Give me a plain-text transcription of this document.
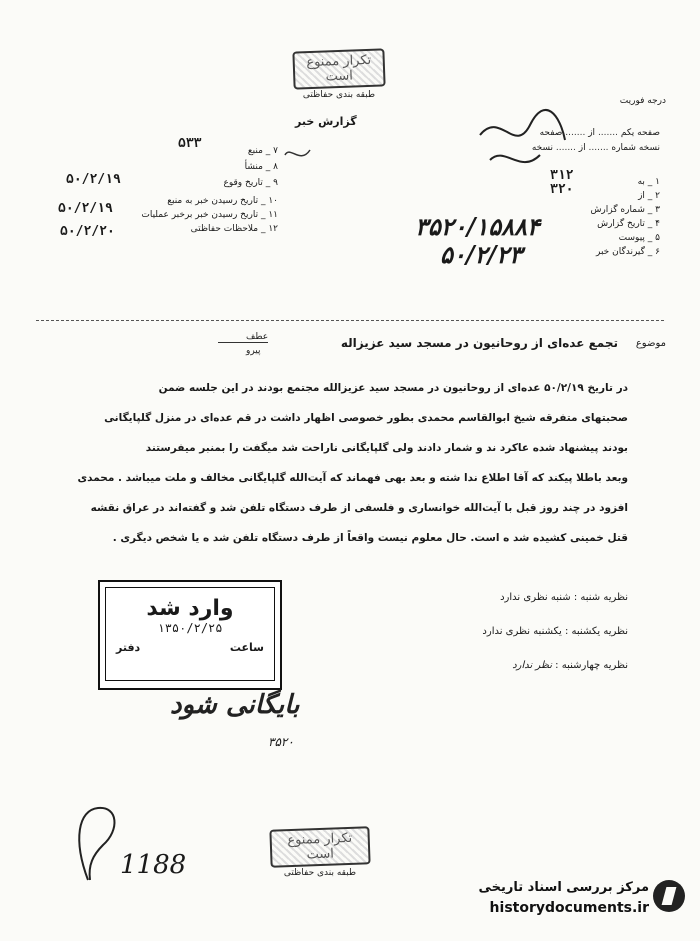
تکرار ممنوع است
طبقه بندی حفاظتی
درجه فوریت
گزارش خبر
۷ _ منبع
۵۳۳
۸ _ منشأ
۹ _ تاریخ وقوع
۵۰/۲/۱۹
۱۰ _ تاریخ رسیدن خبر به منبع
۱۱ _ تاریخ رسیدن خبر برخبر عملیات
۵۰/۲/۱۹
۱۲ _ ملاحظات حفاظتی
۵۰/۲/۲۰
صفحه یکم ....... از ....... صفحه
نسخه شماره ....... از ....... نسخه
۱ _ به
۳۱۲
۲ _ از
۳۲۰
۳ _ شماره گزارش
۴ _ تاریخ گزارش
۵ _ پیوست
۶ _ گیرندگان خبر
۳۵۲۰/۱۵۸۸۴
۵۰/۲/۲۳
عطف
پیرو
موضوع
تجمع عده‌ای از روحانیون در مسجد سید عزیزاله
در تاریخ ۵۰/۲/۱۹ عده‌ای از روحانیون در مسجد سید عزیزالله مجتمع بودند در این جلسه ضمن
صحبتهای متفرقه شیخ ابوالقاسم محمدی بطور خصوصی اظهار داشت در قم عده‌ای در منزل گلپایگانی
بودند پیشنهاد شده عاکرد ند و شمار دادند ولی گلپایگانی ناراحت شد میگفت را بمنبر میفرستند
وبعد باطلا پیکند که آقا اطلاع ندا شته و بعد بهی فهماند که آیت‌الله گلپایگانی مخالف و ملت میباشد . محمدی
افزود در چند روز قبل با آیت‌الله خوانساری و فلسفی از طرف دستگاه تلفن شد و گفته‌اند در عراق نقشه
قتل خمینی کشیده شد ه است. حال معلوم نیست واقعاً از طرف دستگاه تلفن شد ه یا شخص دیگری .
نظریه شنبه : شنبه نظری ندارد
نظریه یکشنبه : یکشنبه نظری ندارد
نظریه چهارشنبه : نظر ندارد
وارد شد
۱۳۵۰/۲/۲۵
ساعت
دفتر
بایگانی شود
۳۵۲۰
تکرار ممنوع است
طبقه بندی حفاظتی
1188
مرکز بررسی اسناد تاریخی
historydocuments.ir
